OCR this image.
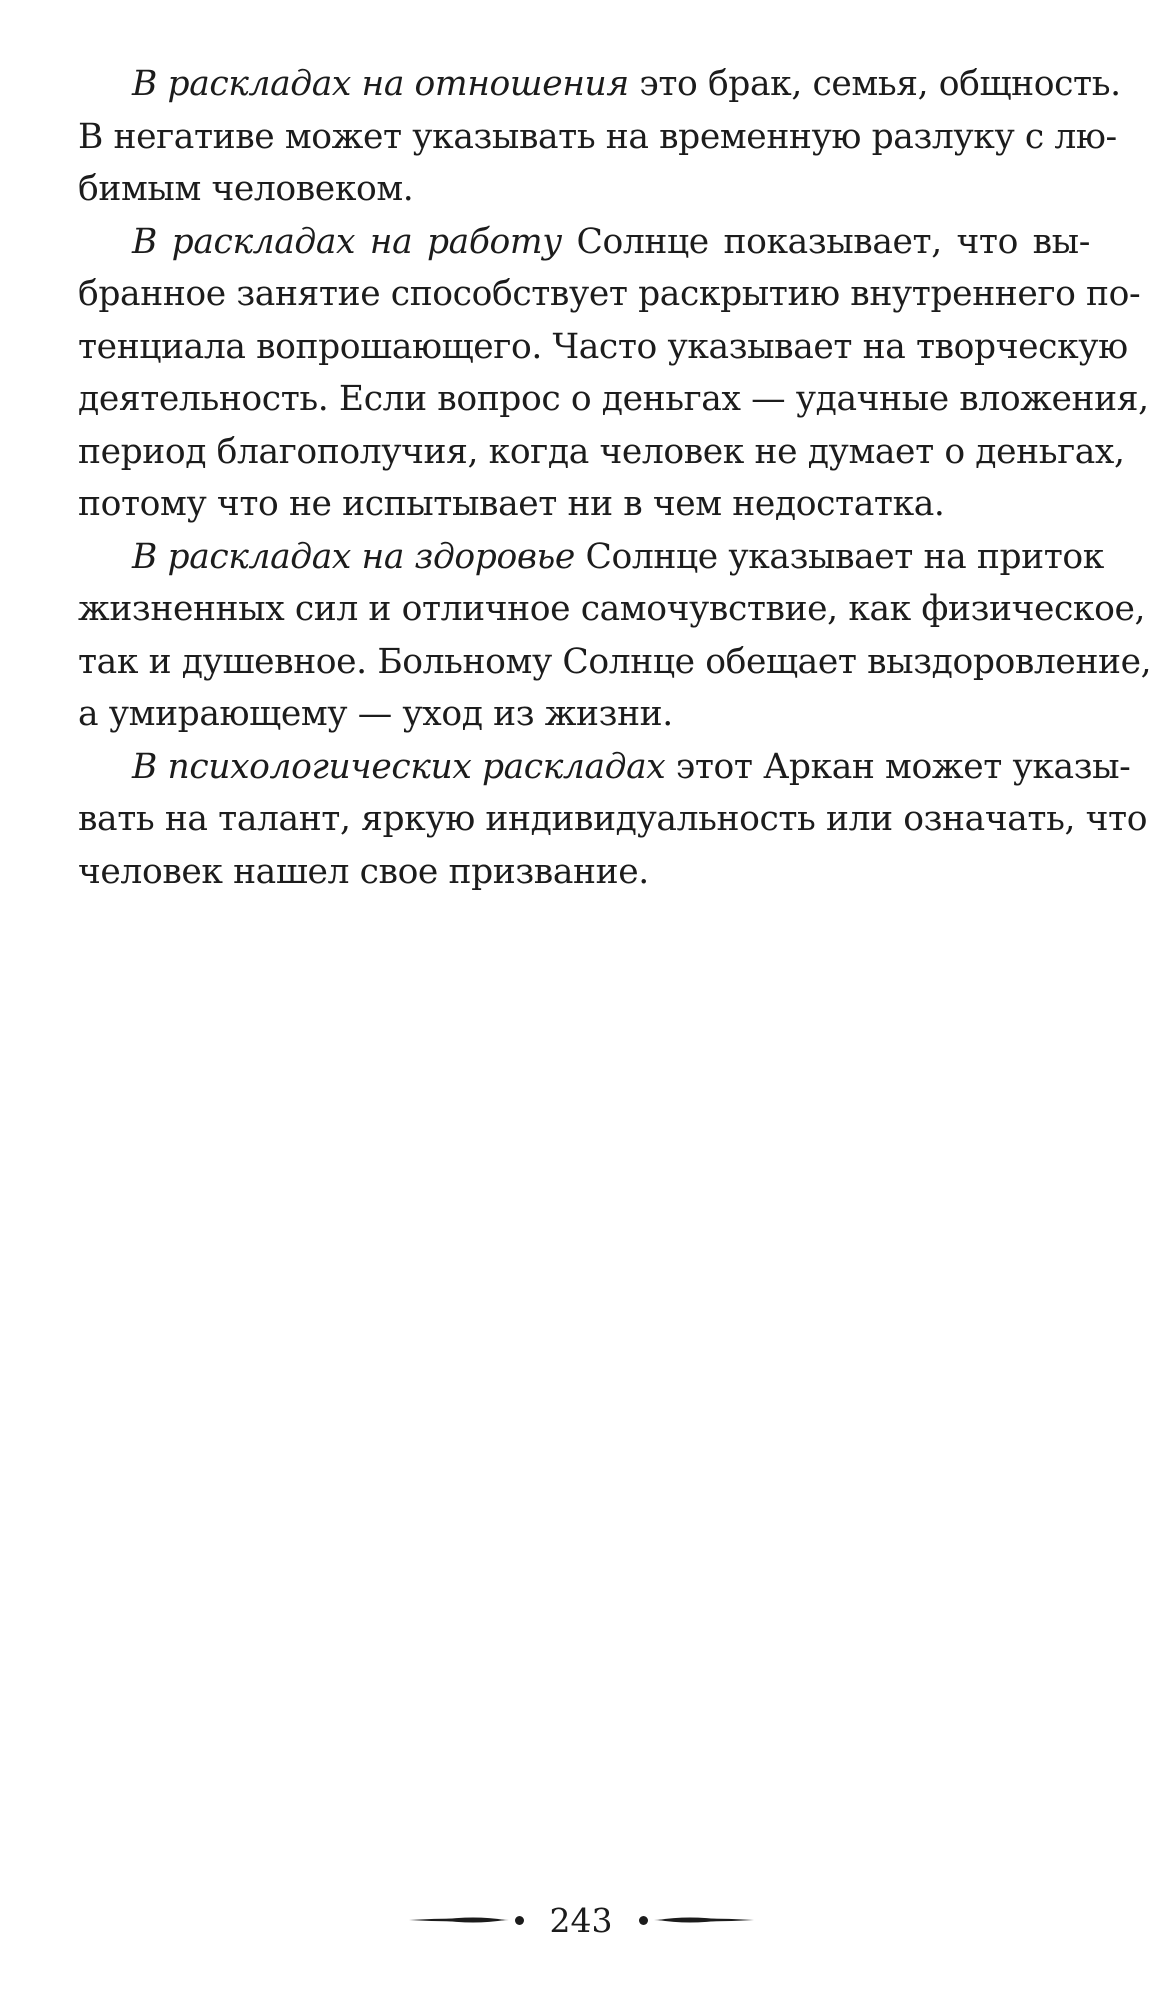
В раскладах на отношения это брак, семья, общность.
В негативе может указывать на временную разлуку с лю-
бимым человеком.

В раскладах на работу Солнце показывает, что вы-
бранное занятие способствует раскрытию внутреннего по-
тенциала вопрошающего. Часто указывает на творческую
деятельность. Если вопрос о деньгах — удачные вложения,
период благополучия, когда человек не думает о деньгах,
потому что не испытывает ни в чем недостатка.

В раскладах на здоровье Солнце указывает на приток
жизненных сил и отличное самочувствие, как физическое,
так и душевное. Больному Солнце обещает выздоровление,
а умирающему — уход из жизни.

В психологических раскладах этот Аркан может указы-
вать на талант, яркую индивидуальность или означать, что
человек нашел свое призвание.

243
